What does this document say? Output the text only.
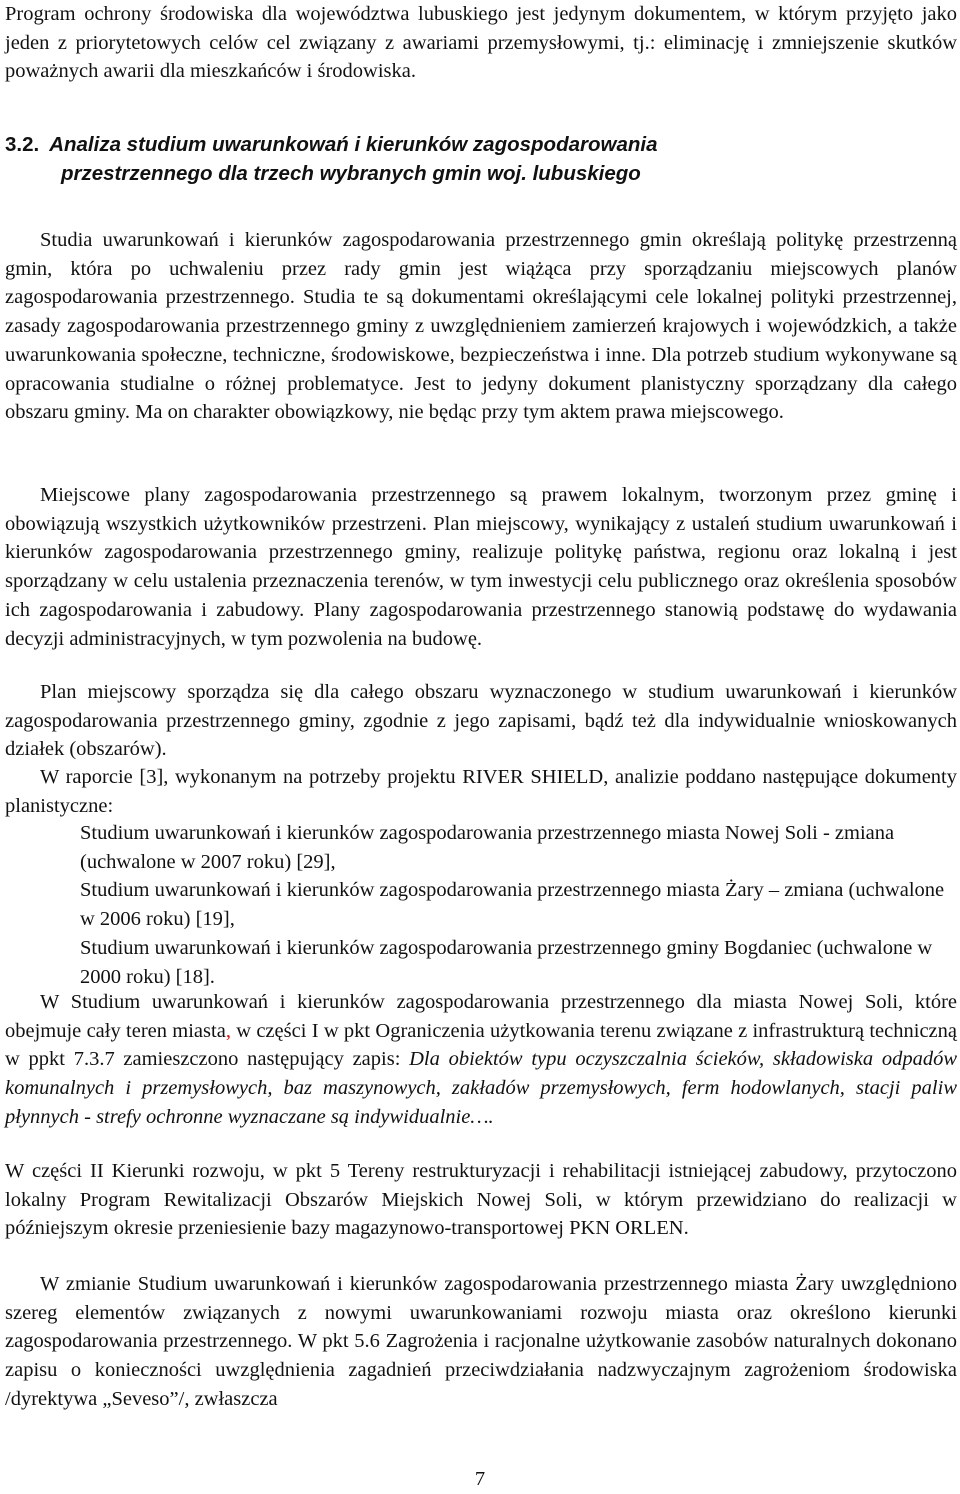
Program ochrony środowiska dla województwa lubuskiego jest jedynym dokumentem, w którym przyjęto jako jeden z priorytetowych celów cel związany z awariami przemysłowymi, tj.: eliminację i zmniejszenie skutków poważnych awarii dla mieszkańców i środowiska.

3.2. Analiza studium uwarunkowań i kierunków zagospodarowania
przestrzennego dla trzech wybranych gmin woj. lubuskiego

Studia uwarunkowań i kierunków zagospodarowania przestrzennego gmin określają politykę przestrzenną gmin, która po uchwaleniu przez rady gmin jest wiążąca przy sporządzaniu miejscowych planów zagospodarowania przestrzennego. Studia te są dokumentami określającymi cele lokalnej polityki przestrzennej, zasady zagospodarowania przestrzennego gminy z uwzględnieniem zamierzeń krajowych i wojewódzkich, a także uwarunkowania społeczne, techniczne, środowiskowe, bezpieczeństwa i inne. Dla potrzeb studium wykonywane są opracowania studialne o różnej problematyce. Jest to jedyny dokument planistyczny sporządzany dla całego obszaru gminy. Ma on charakter obowiązkowy, nie będąc przy tym aktem prawa miejscowego.

Miejscowe plany zagospodarowania przestrzennego są prawem lokalnym, tworzonym przez gminę i obowiązują wszystkich użytkowników przestrzeni. Plan miejscowy, wynikający z ustaleń studium uwarunkowań i kierunków zagospodarowania przestrzennego gminy, realizuje politykę państwa, regionu oraz lokalną i jest sporządzany w celu ustalenia przeznaczenia terenów, w tym inwestycji celu publicznego oraz określenia sposobów ich zagospodarowania i zabudowy. Plany zagospodarowania przestrzennego stanowią podstawę do wydawania decyzji administracyjnych, w tym pozwolenia na budowę.

Plan miejscowy sporządza się dla całego obszaru wyznaczonego w studium uwarunkowań i kierunków zagospodarowania przestrzennego gminy, zgodnie z jego zapisami, bądź też dla indywidualnie wnioskowanych działek (obszarów).

W raporcie [3], wykonanym na potrzeby projektu RIVER SHIELD, analizie poddano następujące dokumenty planistyczne:

Studium uwarunkowań i kierunków zagospodarowania przestrzennego miasta Nowej Soli - zmiana (uchwalone w 2007 roku) [29],

Studium uwarunkowań i kierunków zagospodarowania przestrzennego miasta Żary – zmiana (uchwalone w 2006 roku) [19],

Studium uwarunkowań i kierunków zagospodarowania przestrzennego gminy Bogdaniec (uchwalone w 2000 roku) [18].

W Studium uwarunkowań i kierunków zagospodarowania przestrzennego dla miasta Nowej Soli, które obejmuje cały teren miasta, w części I w pkt Ograniczenia użytkowania terenu związane z infrastrukturą techniczną w ppkt 7.3.7 zamieszczono następujący zapis: Dla obiektów typu oczyszczalnia ścieków, składowiska odpadów komunalnych i przemysłowych, baz maszynowych, zakładów przemysłowych, ferm hodowlanych, stacji paliw płynnych - strefy ochronne wyznaczane są indywidualnie….

W części II Kierunki rozwoju, w pkt 5 Tereny restrukturyzacji i rehabilitacji istniejącej zabudowy, przytoczono lokalny Program Rewitalizacji Obszarów Miejskich Nowej Soli, w którym przewidziano do realizacji w późniejszym okresie przeniesienie bazy magazynowo-transportowej PKN ORLEN.

W zmianie Studium uwarunkowań i kierunków zagospodarowania przestrzennego miasta Żary uwzględniono szereg elementów związanych z nowymi uwarunkowaniami rozwoju miasta oraz określono kierunki zagospodarowania przestrzennego. W pkt 5.6 Zagrożenia i racjonalne użytkowanie zasobów naturalnych dokonano zapisu o konieczności uwzględnienia zagadnień przeciwdziałania nadzwyczajnym zagrożeniom środowiska /dyrektywa „Seveso”/, zwłaszcza

7
